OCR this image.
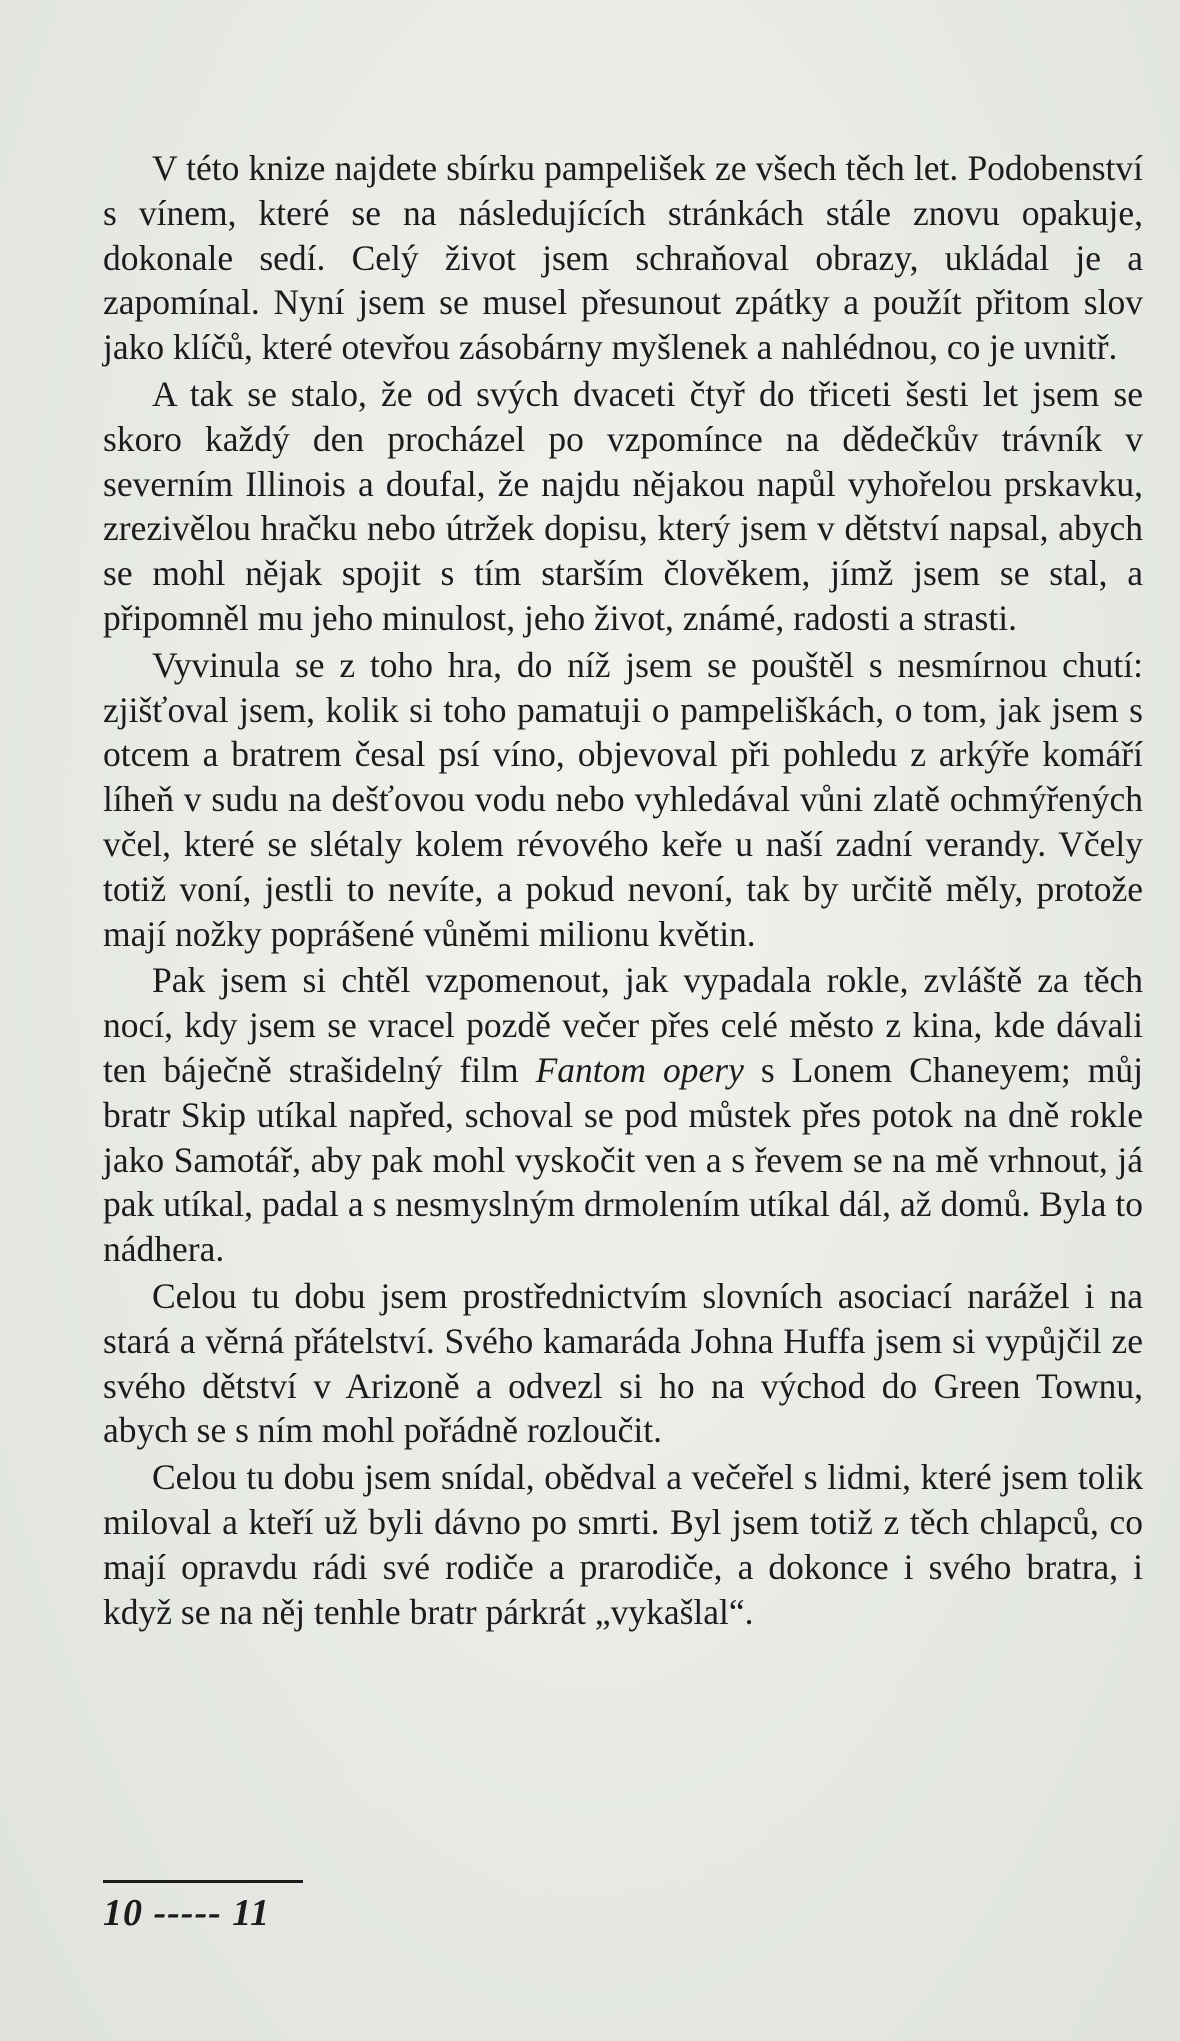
V této knize najdete sbírku pampelišek ze všech těch let. Podobenství s vínem, které se na následujících stránkách stále znovu opakuje, dokonale sedí. Celý život jsem schraňoval obrazy, ukládal je a zapomínal. Nyní jsem se musel přesunout zpátky a použít přitom slov jako klíčů, které otevřou zásobárny myšlenek a nahlédnou, co je uvnitř.

A tak se stalo, že od svých dvaceti čtyř do třiceti šesti let jsem se skoro každý den procházel po vzpomínce na dědečkův trávník v severním Illinois a doufal, že najdu nějakou napůl vyhořelou prskavku, zrezivělou hračku nebo útržek dopisu, který jsem v dětství napsal, abych se mohl nějak spojit s tím starším člověkem, jímž jsem se stal, a připomněl mu jeho minulost, jeho život, známé, radosti a strasti.

Vyvinula se z toho hra, do níž jsem se pouštěl s nesmírnou chutí: zjišťoval jsem, kolik si toho pamatuji o pampeliškách, o tom, jak jsem s otcem a bratrem česal psí víno, objevoval při pohledu z arkýře komáří líheň v sudu na dešťovou vodu nebo vyhledával vůni zlatě ochmýřených včel, které se slétaly kolem révového keře u naší zadní verandy. Včely totiž voní, jestli to nevíte, a pokud nevoní, tak by určitě měly, protože mají nožky poprášené vůněmi milionu květin.

Pak jsem si chtěl vzpomenout, jak vypadala rokle, zvláště za těch nocí, kdy jsem se vracel pozdě večer přes celé město z kina, kde dávali ten báječně strašidelný film Fantom opery s Lonem Chaneyem; můj bratr Skip utíkal napřed, schoval se pod můstek přes potok na dně rokle jako Samotář, aby pak mohl vyskočit ven a s řevem se na mě vrhnout, já pak utíkal, padal a s nesmyslným drmolením utíkal dál, až domů. Byla to nádhera.

Celou tu dobu jsem prostřednictvím slovních asociací narážel i na stará a věrná přátelství. Svého kamaráda Johna Huffa jsem si vypůjčil ze svého dětství v Arizoně a odvezl si ho na východ do Green Townu, abych se s ním mohl pořádně rozloučit.

Celou tu dobu jsem snídal, obědval a večeřel s lidmi, které jsem tolik miloval a kteří už byli dávno po smrti. Byl jsem totiž z těch chlapců, co mají opravdu rádi své rodiče a prarodiče, a dokonce i svého bratra, i když se na něj tenhle bratr párkrát „vykašlal“.

10 ----- 11
